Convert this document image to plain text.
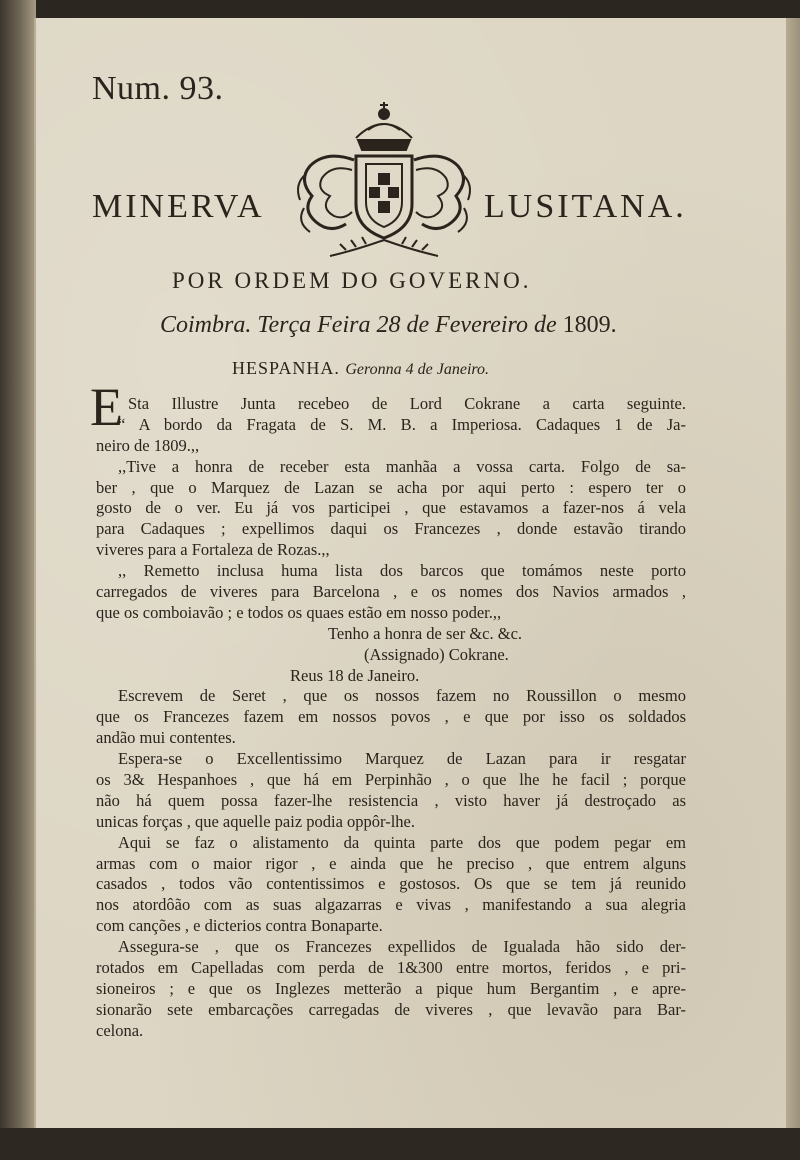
Num. 93.
MINERVA	LUSITANA.
POR ORDEM DO GOVERNO.
Coimbra. Terça Feira 28 de Fevereiro de 1809.
HESPANHA. Geronna 4 de Janeiro.
E Sta Illustre Junta recebeo de Lord Cokrane a carta seguinte.
“ A bordo da Fragata de S. M. B. a Imperiosa. Cadaques 1 de Ja-
neiro de 1809.,,
,,Tive a honra de receber esta manhãa a vossa carta. Folgo de sa-
ber , que o Marquez de Lazan se acha por aqui perto : espero ter o
gosto de o ver. Eu já vos participei , que estavamos a fazer-nos á vela
para Cadaques ; expellimos daqui os Francezes , donde estavão tirando
viveres para a Fortaleza de Rozas.,,
,, Remetto inclusa huma lista dos barcos que tomámos neste porto
carregados de viveres para Barcelona , e os nomes dos Navios armados ,
que os comboiavão ; e todos os quaes estão em nosso poder.,,
Tenho a honra de ser &c. &c.
(Assignado) Cokrane.
Reus 18 de Janeiro.
Escrevem de Seret , que os nossos fazem no Roussillon o mesmo
que os Francezes fazem em nossos povos , e que por isso os soldados
andão mui contentes.
Espera-se o Excellentissimo Marquez de Lazan para ir resgatar
os 3& Hespanhoes , que há em Perpinhão , o que lhe he facil ; porque
não há quem possa fazer-lhe resistencia , visto haver já destroçado as
unicas forças , que aquelle paiz podia oppôr-lhe.
Aqui se faz o alistamento da quinta parte dos que podem pegar em
armas com o maior rigor , e ainda que he preciso , que entrem alguns
casados , todos vão contentissimos e gostosos. Os que se tem já reunido
nos atordôão com as suas algazarras e vivas , manifestando a sua alegria
com canções , e dicterios contra Bonaparte.
Assegura-se , que os Francezes expellidos de Igualada hão sido der-
rotados em Capelladas com perda de 1&300 entre mortos, feridos , e pri-
sioneiros ; e que os Inglezes metterão a pique hum Bergantim , e apre-
sionarão sete embarcações carregadas de viveres , que levavão para Bar-
celona.
